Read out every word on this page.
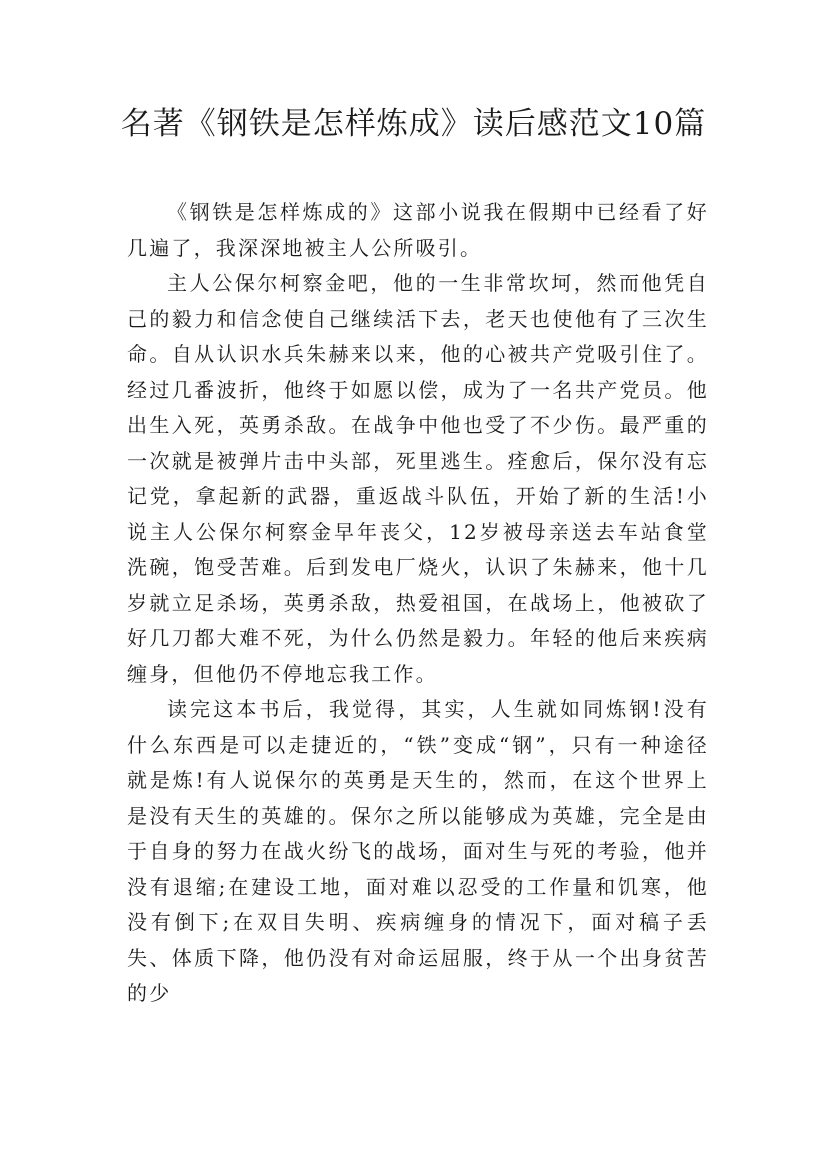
名著《钢铁是怎样炼成》读后感范文10篇

《钢铁是怎样炼成的》这部小说我在假期中已经看了好几遍了，我深深地被主人公所吸引。

主人公保尔柯察金吧，他的一生非常坎坷，然而他凭自己的毅力和信念使自己继续活下去，老天也使他有了三次生命。自从认识水兵朱赫来以来，他的心被共产党吸引住了。经过几番波折，他终于如愿以偿，成为了一名共产党员。他出生入死，英勇杀敌。在战争中他也受了不少伤。最严重的一次就是被弹片击中头部，死里逃生。痊愈后，保尔没有忘记党，拿起新的武器，重返战斗队伍，开始了新的生活!小说主人公保尔柯察金早年丧父，12岁被母亲送去车站食堂洗碗，饱受苦难。后到发电厂烧火，认识了朱赫来，他十几岁就立足杀场，英勇杀敌，热爱祖国，在战场上，他被砍了好几刀都大难不死，为什么仍然是毅力。年轻的他后来疾病缠身，但他仍不停地忘我工作。

读完这本书后，我觉得，其实，人生就如同炼钢!没有什么东西是可以走捷近的，“铁”变成“钢”，只有一种途径就是炼!有人说保尔的英勇是天生的，然而，在这个世界上是没有天生的英雄的。保尔之所以能够成为英雄，完全是由于自身的努力在战火纷飞的战场，面对生与死的考验，他并没有退缩;在建设工地，面对难以忍受的工作量和饥寒，他没有倒下;在双目失明、疾病缠身的情况下，面对稿子丢失、体质下降，他仍没有对命运屈服，终于从一个出身贫苦的少
